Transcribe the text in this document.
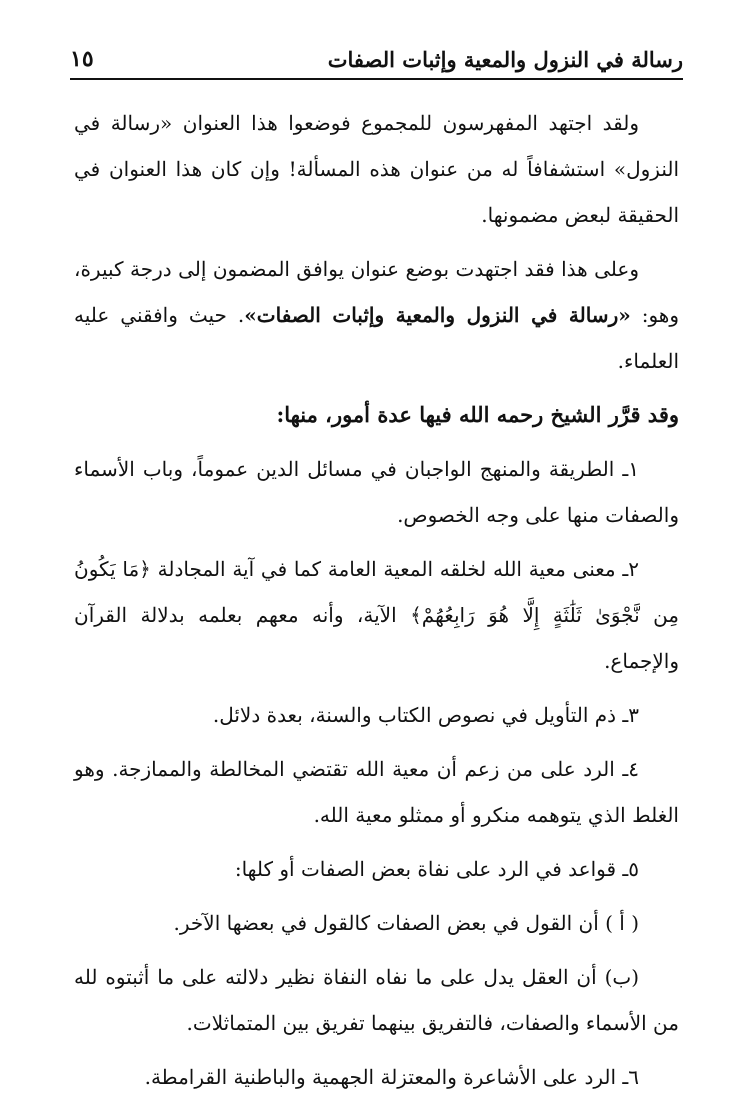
رسالة في النزول والمعية وإثبات الصفات
١٥

ولقد اجتهد المفهرسون للمجموع فوضعوا هذا العنوان «رسالة في النزول» استشفافاً له من عنوان هذه المسألة! وإن كان هذا العنوان في الحقيقة لبعض مضمونها.

وعلى هذا فقد اجتهدت بوضع عنوان يوافق المضمون إلى درجة كبيرة، وهو: «رسالة في النزول والمعية وإثبات الصفات». حيث وافقني عليه العلماء.

وقد قرَّر الشيخ رحمه الله فيها عدة أمور، منها:

١ـ الطريقة والمنهج الواجبان في مسائل الدين عموماً، وباب الأسماء والصفات منها على وجه الخصوص.

٢ـ معنى معية الله لخلقه المعية العامة كما في آية المجادلة ﴿مَا يَكُونُ مِن نَّجْوَىٰ ثَلَٰثَةٍ إِلَّا هُوَ رَابِعُهُمْ﴾ الآية، وأنه معهم بعلمه بدلالة القرآن والإجماع.

٣ـ ذم التأويل في نصوص الكتاب والسنة، بعدة دلائل.

٤ـ الرد على من زعم أن معية الله تقتضي المخالطة والممازجة. وهو الغلط الذي يتوهمه منكرو أو ممثلو معية الله.

٥ـ قواعد في الرد على نفاة بعض الصفات أو كلها:

( أ ) أن القول في بعض الصفات كالقول في بعضها الآخر.

(ب) أن العقل يدل على ما نفاه النفاة نظير دلالته على ما أثبتوه لله من الأسماء والصفات، فالتفريق بينهما تفريق بين المتماثلات.

٦ـ الرد على الأشاعرة والمعتزلة الجهمية والباطنية القرامطة.
